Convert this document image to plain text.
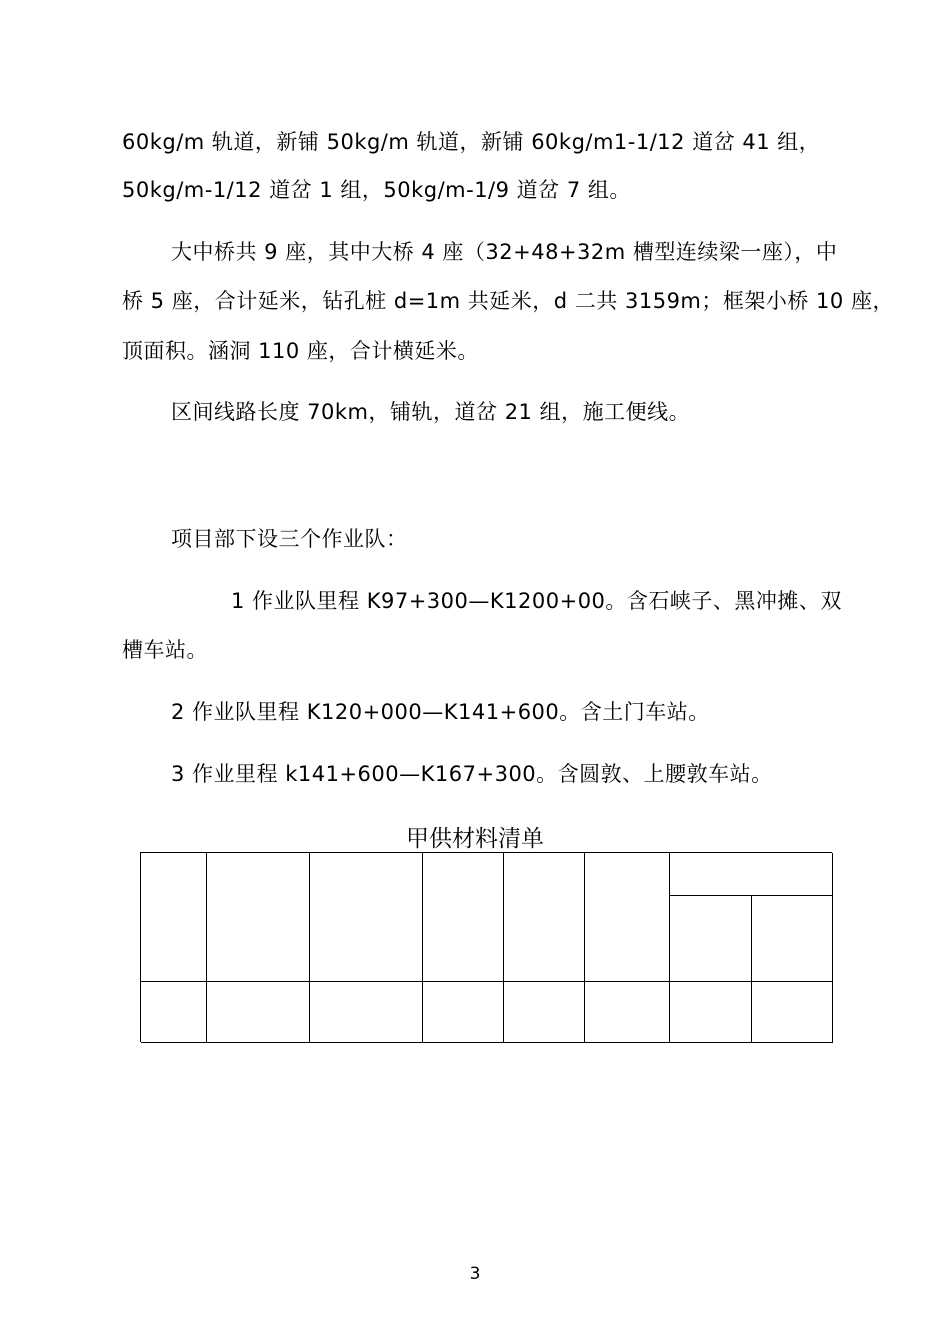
60kg/m 轨道，新铺 50kg/m 轨道，新铺 60kg/m1-1/12 道岔 41 组，
50kg/m-1/12 道岔 1 组，50kg/m-1/9 道岔 7 组。
大中桥共 9 座，其中大桥 4 座（32+48+32m 槽型连续梁一座），中
桥 5 座，合计延米，钻孔桩 d=1m 共延米，d 二共 3159m；框架小桥 10 座，
顶面积。涵洞 110 座，合计横延米。
区间线路长度 70km，铺轨，道岔 21 组，施工便线。
项目部下设三个作业队：
1 作业队里程 K97+300—K1200+00。含石峡子、黑冲摊、双
槽车站。
2 作业队里程 K120+000—K141+600。含土门车站。
3 作业里程 k141+600—K167+300。含圆敦、上腰敦车站。
甲供材料清单
3
